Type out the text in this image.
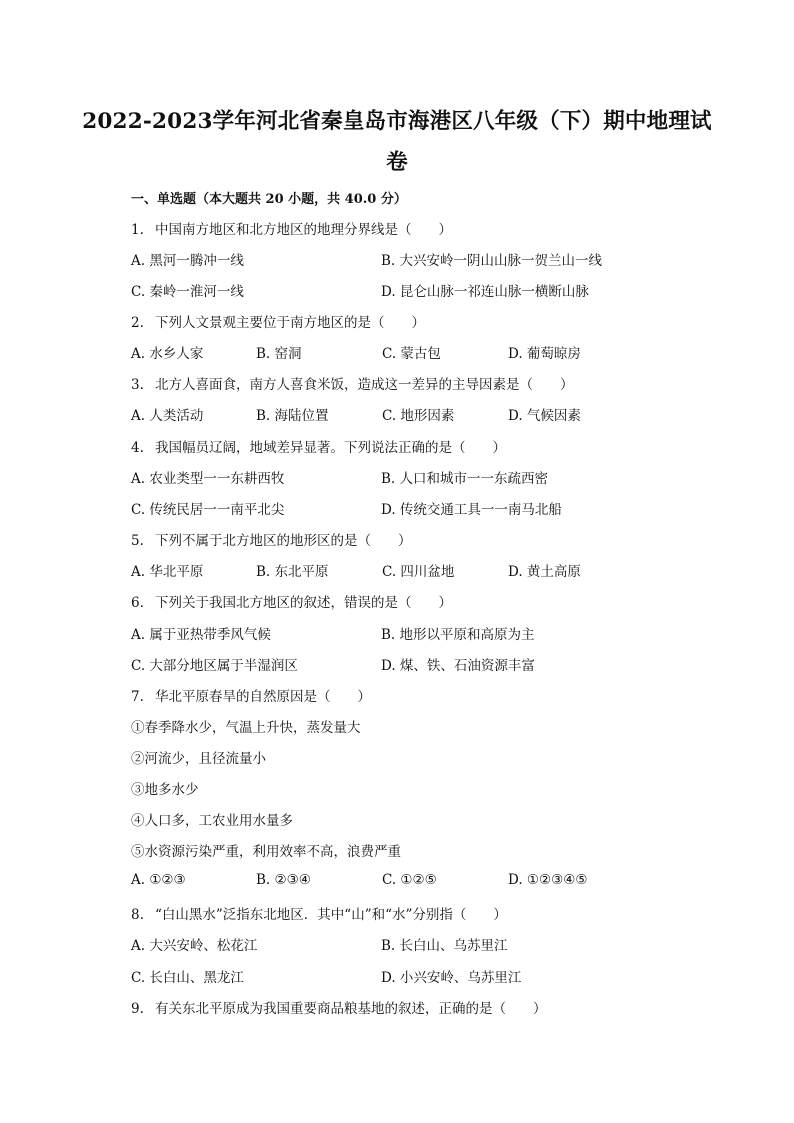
2022-2023学年河北省秦皇岛市海港区八年级（下）期中地理试
卷
一、单选题（本大题共 20 小题，共 40.0 分）
1. 中国南方地区和北方地区的地理分界线是（　　）
A. 黑河一腾冲一线	B. 大兴安岭一阴山山脉一贺兰山一线
C. 秦岭一淮河一线	D. 昆仑山脉一祁连山脉一横断山脉
2. 下列人文景观主要位于南方地区的是（　　）
A. 水乡人家	B. 窑洞	C. 蒙古包	D. 葡萄晾房
3. 北方人喜面食，南方人喜食米饭，造成这一差异的主导因素是（　　）
A. 人类活动	B. 海陆位置	C. 地形因素	D. 气候因素
4. 我国幅员辽阔，地域差异显著。下列说法正确的是（　　）
A. 农业类型一一东耕西牧	B. 人口和城市一一东疏西密
C. 传统民居一一南平北尖	D. 传统交通工具一一南马北船
5. 下列不属于北方地区的地形区的是（　　）
A. 华北平原	B. 东北平原	C. 四川盆地	D. 黄土高原
6. 下列关于我国北方地区的叙述，错误的是（　　）
A. 属于亚热带季风气候	B. 地形以平原和高原为主
C. 大部分地区属于半湿润区	D. 煤、铁、石油资源丰富
7. 华北平原春旱的自然原因是（　　）
①春季降水少，气温上升快，蒸发量大
②河流少，且径流量小
③地多水少
④人口多，工农业用水量多
⑤水资源污染严重，利用效率不高，浪费严重
A. ①②③	B. ②③④	C. ①②⑤	D. ①②③④⑤
8. “白山黑水”泛指东北地区．其中“山”和“水”分别指（　　）
A. 大兴安岭、松花江	B. 长白山、乌苏里江
C. 长白山、黑龙江	D. 小兴安岭、乌苏里江
9. 有关东北平原成为我国重要商品粮基地的叙述，正确的是（　　）
